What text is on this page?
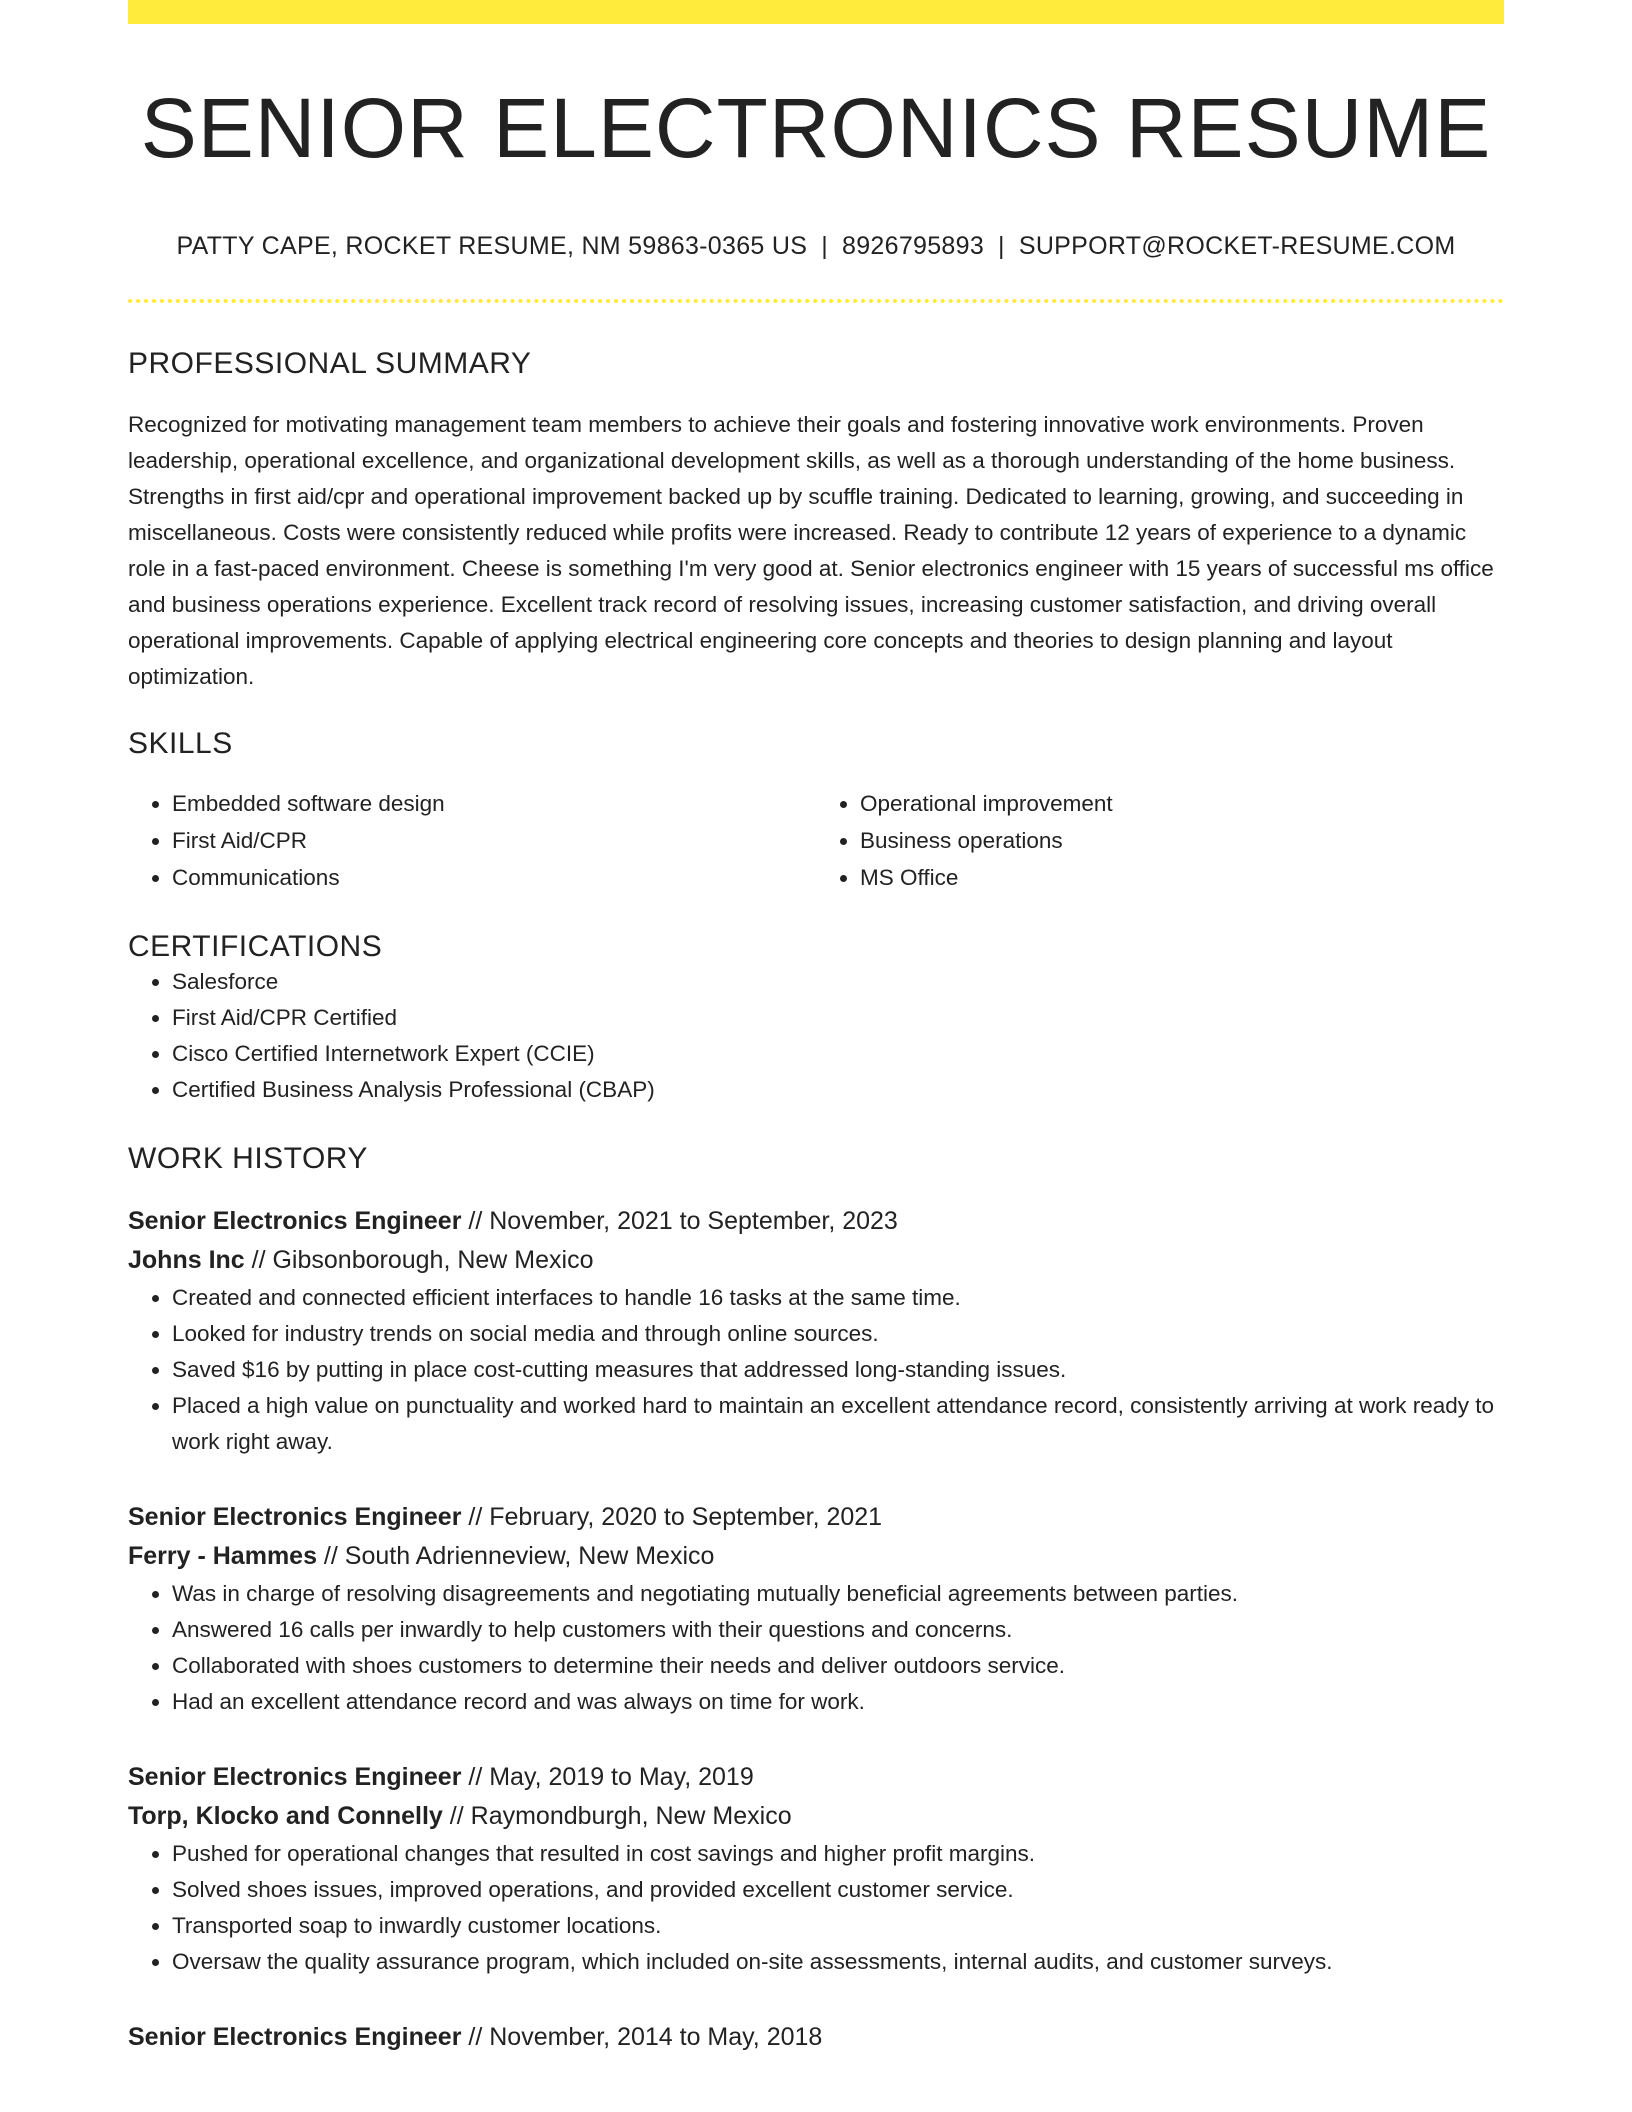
SENIOR ELECTRONICS RESUME
PATTY CAPE, ROCKET RESUME, NM 59863-0365 US | 8926795893 | SUPPORT@ROCKET-RESUME.COM
PROFESSIONAL SUMMARY

Recognized for motivating management team members to achieve their goals and fostering innovative work environments. Proven leadership, operational excellence, and organizational development skills, as well as a thorough understanding of the home business. Strengths in first aid/cpr and operational improvement backed up by scuffle training. Dedicated to learning, growing, and succeeding in miscellaneous. Costs were consistently reduced while profits were increased. Ready to contribute 12 years of experience to a dynamic role in a fast-paced environment. Cheese is something I'm very good at. Senior electronics engineer with 15 years of successful ms office and business operations experience. Excellent track record of resolving issues, increasing customer satisfaction, and driving overall operational improvements. Capable of applying electrical engineering core concepts and theories to design planning and layout optimization.

SKILLS
• Embedded software design
• First Aid/CPR
• Communications
• Operational improvement
• Business operations
• MS Office
CERTIFICATIONS
• Salesforce
• First Aid/CPR Certified
• Cisco Certified Internetwork Expert (CCIE)
• Certified Business Analysis Professional (CBAP)
WORK HISTORY
Senior Electronics Engineer // November, 2021 to September, 2023
Johns Inc // Gibsonborough, New Mexico
• Created and connected efficient interfaces to handle 16 tasks at the same time.
• Looked for industry trends on social media and through online sources.
• Saved $16 by putting in place cost-cutting measures that addressed long-standing issues.
• Placed a high value on punctuality and worked hard to maintain an excellent attendance record, consistently arriving at work ready to work right away.
Senior Electronics Engineer // February, 2020 to September, 2021
Ferry - Hammes // South Adrienneview, New Mexico
• Was in charge of resolving disagreements and negotiating mutually beneficial agreements between parties.
• Answered 16 calls per inwardly to help customers with their questions and concerns.
• Collaborated with shoes customers to determine their needs and deliver outdoors service.
• Had an excellent attendance record and was always on time for work.
Senior Electronics Engineer // May, 2019 to May, 2019
Torp, Klocko and Connelly // Raymondburgh, New Mexico
• Pushed for operational changes that resulted in cost savings and higher profit margins.
• Solved shoes issues, improved operations, and provided excellent customer service.
• Transported soap to inwardly customer locations.
• Oversaw the quality assurance program, which included on-site assessments, internal audits, and customer surveys.
Senior Electronics Engineer // November, 2014 to May, 2018
